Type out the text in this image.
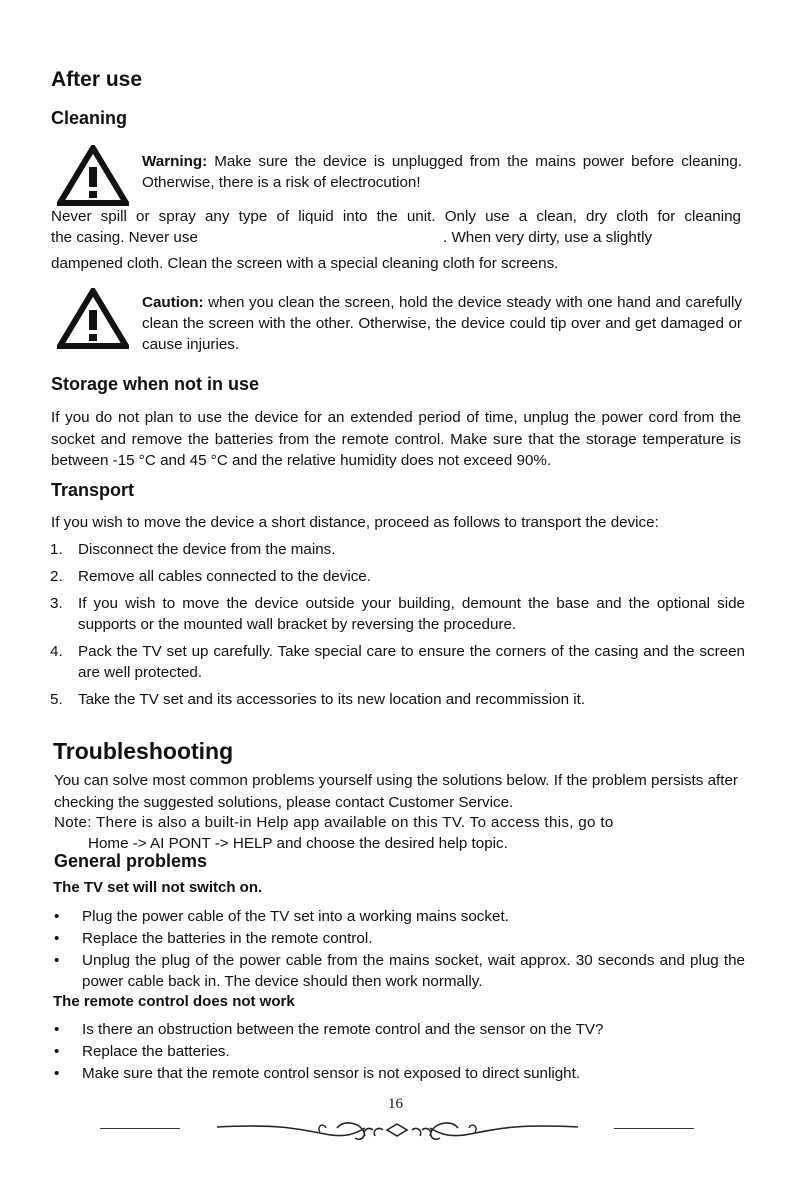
After use
Cleaning
Warning: Make sure the device is unplugged from the mains power before cleaning. Otherwise, there is a risk of electrocution!
Never spill or spray any type of liquid into the unit. Only use a clean, dry cloth for cleaning
the casing. Never use	. When very dirty, use a slightly
dampened cloth. Clean the screen with a special cleaning cloth for screens.
Caution: when you clean the screen, hold the device steady with one hand and carefully clean the screen with the other. Otherwise, the device could tip over and get damaged or cause injuries.
Storage when not in use
If you do not plan to use the device for an extended period of time, unplug the power cord from the socket and remove the batteries from the remote control. Make sure that the storage temperature is between -15 °C and 45 °C and the relative humidity does not exceed 90%.
Transport
If you wish to move the device a short distance, proceed as follows to transport the device:
1. Disconnect the device from the mains.
2. Remove all cables connected to the device.
3. If you wish to move the device outside your building, demount the base and the optional side supports or the mounted wall bracket by reversing the procedure.
4. Pack the TV set up carefully. Take special care to ensure the corners of the casing and the screen are well protected.
5. Take the TV set and its accessories to its new location and recommission it.
Troubleshooting
You can solve most common problems yourself using the solutions below. If the problem persists after checking the suggested solutions, please contact Customer Service.
Note: There is also a built-in Help app available on this TV. To access this, go to
Home -> AI PONT -> HELP and choose the desired help topic.
General problems
The TV set will not switch on.
• Plug the power cable of the TV set into a working mains socket.
• Replace the batteries in the remote control.
• Unplug the plug of the power cable from the mains socket, wait approx. 30 seconds and plug the power cable back in. The device should then work normally.
The remote control does not work
• Is there an obstruction between the remote control and the sensor on the TV?
• Replace the batteries.
• Make sure that the remote control sensor is not exposed to direct sunlight.
16
